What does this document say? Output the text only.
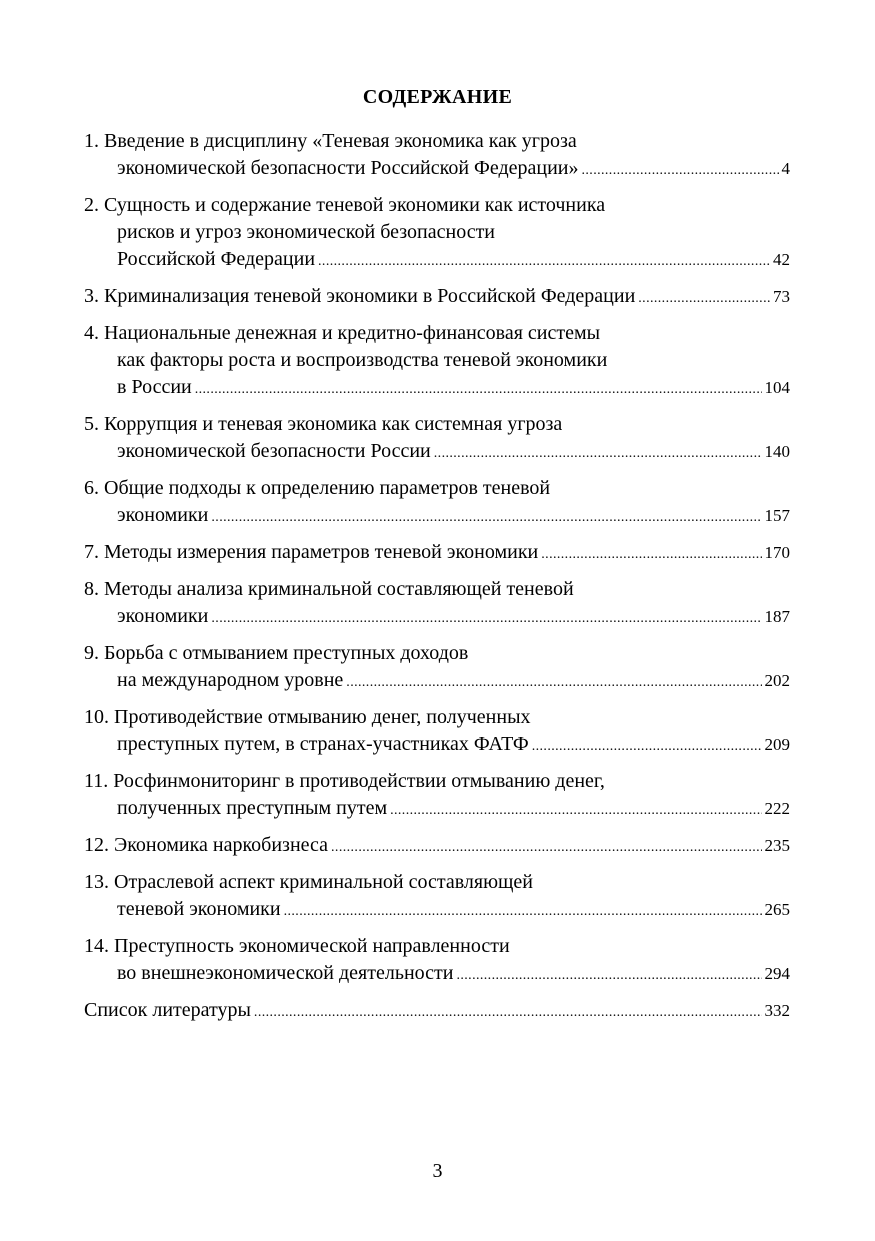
СОДЕРЖАНИЕ
1. Введение в дисциплину «Теневая экономика как угроза
экономической безопасности Российской Федерации» .....	4
2. Сущность и содержание теневой экономики как источника
рисков и угроз экономической безопасности
Российской Федерации .....	42
3. Криминализация теневой экономики в Российской Федерации .....	73
4. Национальные денежная и кредитно-финансовая системы
как факторы роста и воспроизводства теневой экономики
в России .....	104
5. Коррупция и теневая экономика как системная угроза
экономической безопасности России .....	140
6. Общие подходы к определению параметров теневой
экономики .....	157
7. Методы измерения параметров теневой экономики .....	170
8. Методы анализа криминальной составляющей теневой
экономики .....	187
9. Борьба с отмыванием преступных доходов
на международном уровне .....	202
10. Противодействие отмыванию денег, полученных
преступных путем, в странах-участниках ФАТФ .....	209
11. Росфинмониторинг в противодействии отмыванию денег,
полученных преступным путем .....	222
12. Экономика наркобизнеса .....	235
13. Отраслевой аспект криминальной составляющей
теневой экономики .....	265
14. Преступность экономической направленности
во внешнеэкономической деятельности .....	294
Список литературы .....	332
3
